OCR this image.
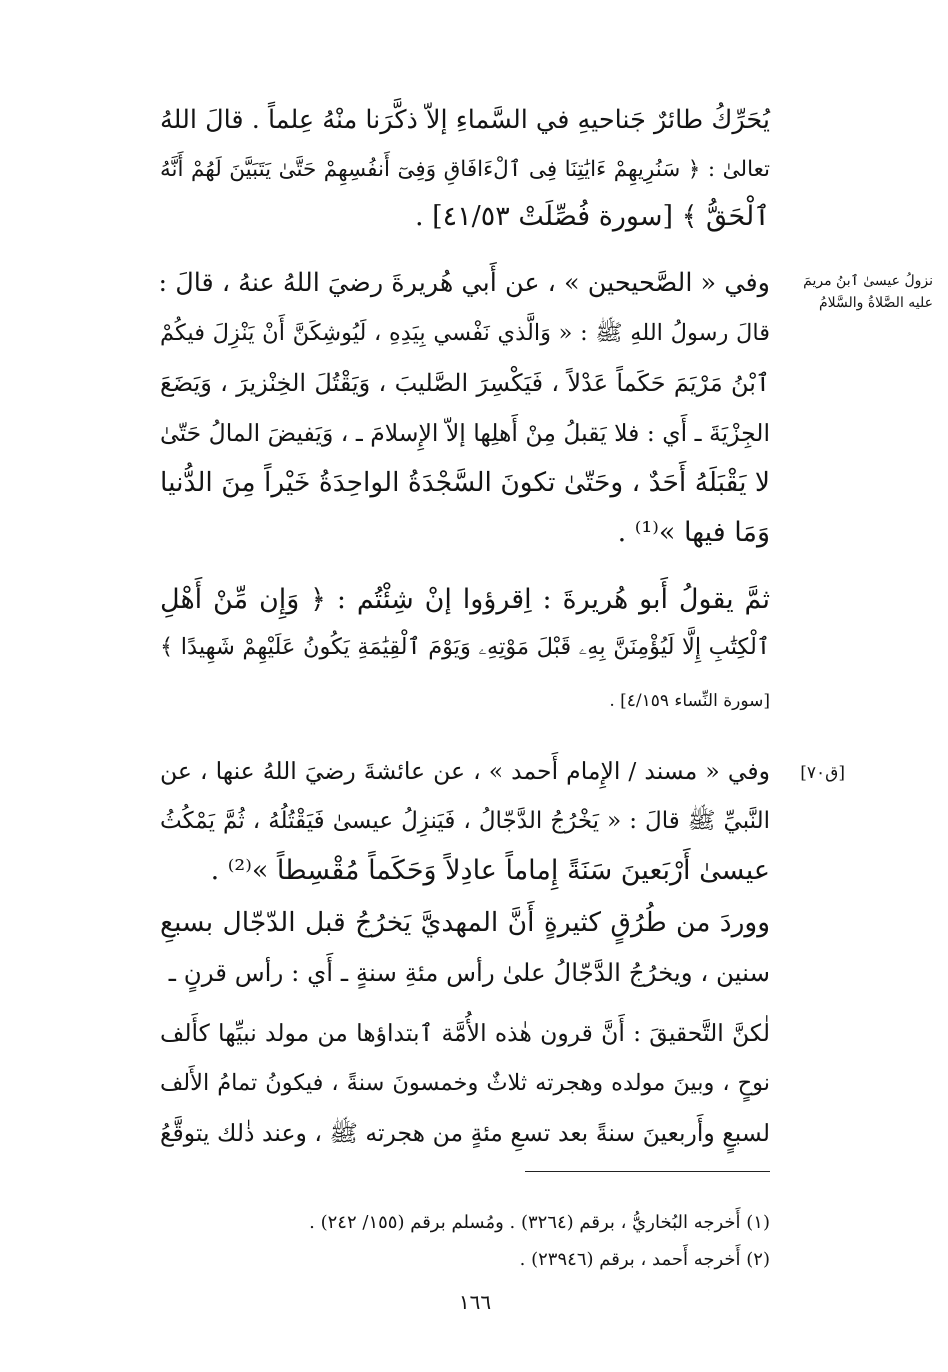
يُحَرِّكُ طائرٌ جَناحيهِ في السَّماءِ إلاّ ذكَّرَنا منْهُ عِلماً . قالَ اللهُ
تعالىٰ : ﴿ سَنُرِيهِمْ ءَايَٰتِنَا فِى ٱلْءَافَاقِ وَفِىٓ أَنفُسِهِمْ حَتَّىٰ يَتَبَيَّنَ لَهُمْ أَنَّهُ
ٱلْحَقُّ ﴾ [سورة فُصِّلَتْ ٤١/٥٣] .
وفي « الصَّحيحين » ، عن أَبي هُريرةَ رضيَ اللهُ عنهُ ، قالَ :
قالَ رسولُ اللهِ ﷺ : « وَالَّذي نَفْسي بِيَدِهِ ، لَيُوشِكَنَّ أَنْ يَنْزِلَ فيكُمْ
ٱبْنُ مَرْيَمَ حَكَماً عَدْلاً ، فَيَكْسِرَ الصَّليبَ ، وَيَقْتُلَ الخِنْزيرَ ، وَيَضَعَ
الجِزْيَةَ ـ أَي : فلا يَقبلُ مِنْ أَهلِها إلاّ الإِسلامَ ـ ، وَيَفيضَ المالُ حَتّىٰ
لا يَقْبَلَهُ أَحَدٌ ، وحَتّىٰ تكونَ السَّجْدَةُ الواحِدَةُ خَيْراً مِنَ الدُّنيا
وَمَا فيها »⁽¹⁾ .
ثمَّ يقولُ أَبو هُريرةَ : اِقرؤوا إنْ شِئْتُم : ﴿ وَإِن مِّنْ أَهْلِ
ٱلْكِتَٰبِ إِلَّا لَيُؤْمِنَنَّ بِهِۦ قَبْلَ مَوْتِهِۦ وَيَوْمَ ٱلْقِيَٰمَةِ يَكُونُ عَلَيْهِمْ شَهِيدًا ﴾
[سورة النِّساء ٤/١٥٩] .
وفي « مسند / الإِمام أَحمد » ، عن عائشةَ رضيَ اللهُ عنها ، عن
النَّبيِّ ﷺ قالَ : « يَخْرُجُ الدَّجّالُ ، فَيَنزِلُ عيسىٰ فَيَقْتُلُهُ ، ثُمَّ يَمْكُثُ
عيسىٰ أَرْبَعينَ سَنَةً إِماماً عادِلاً وَحَكَماً مُقْسِطاً »⁽²⁾ .
ووردَ من طُرُقٍ كثيرةٍ أَنَّ المهديَّ يَخرُجُ قبل الدّجّال بسبعِ
سنين ، ويخرُجُ الدَّجّالُ علىٰ رأس مئةِ سنةٍ ـ أَي : رأس قرنٍ ـ
لٰكنَّ التَّحقيقَ : أَنَّ قرون هٰذه الأُمَّة ٱبتداؤها من مولد نبيِّها كأَلف
نوحٍ ، وبينَ مولده وهجرته ثلاثٌ وخمسونَ سنةً ، فيكونُ تمامُ الأَلف
لسبعٍ وأَربعينَ سنةً بعد تسعِ مئةٍ من هجرته ﷺ ، وعند ذٰلك يتوقَّعُ
نزولُ عيسىٰ ٱبنُ مريمَ
عليه الصَّلاةُ والسَّلامُ
[ق٧٠]
(١) أَخرجه البُخاريُّ ، برقم (٣٢٦٤) . ومُسلم برقم (١٥٥/ ٢٤٢) .
(٢) أَخرجه أَحمد ، برقم (٢٣٩٤٦) .
١٦٦
